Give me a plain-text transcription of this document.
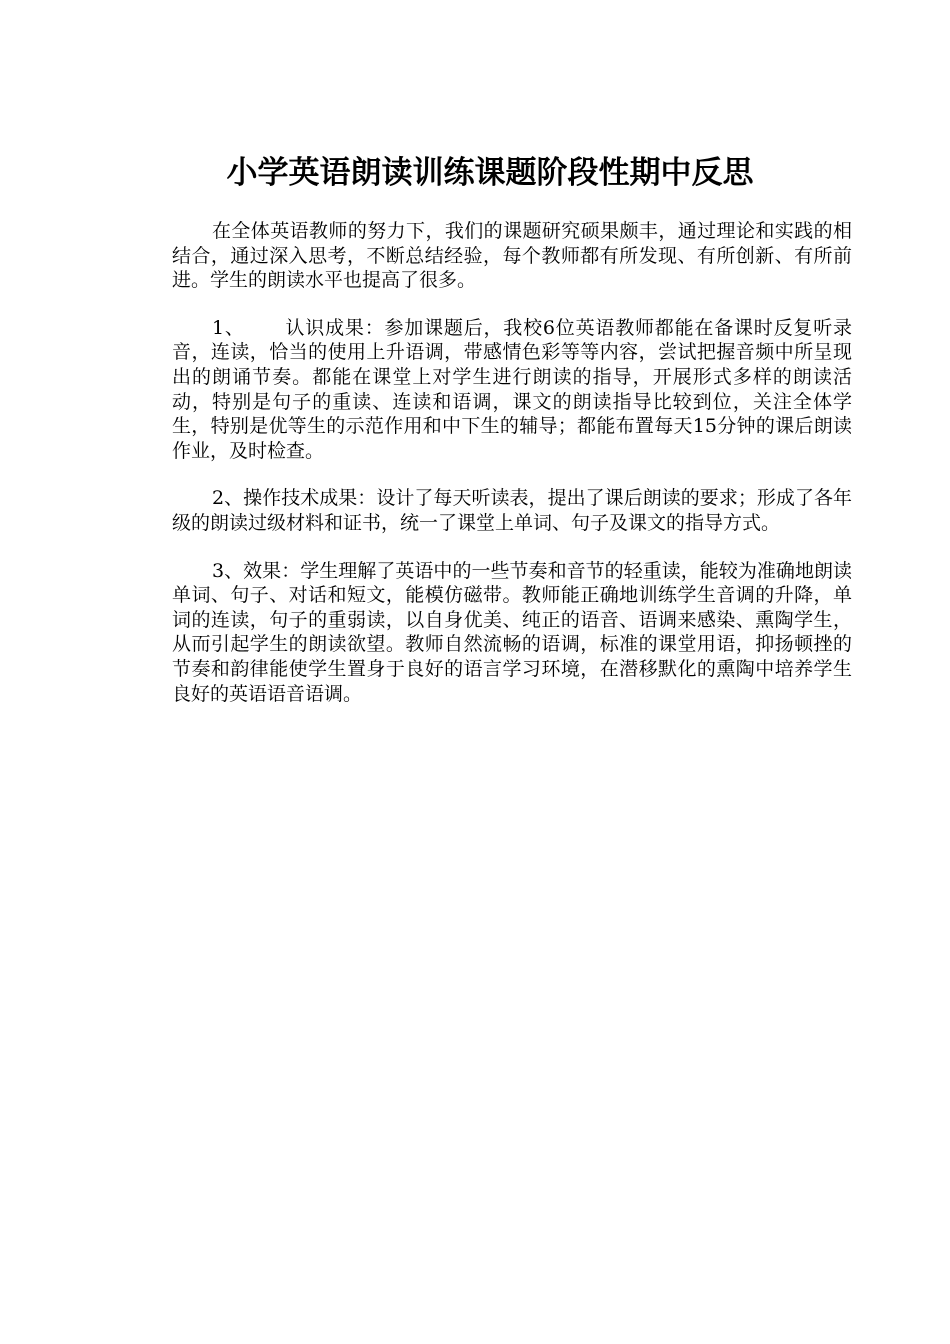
小学英语朗读训练课题阶段性期中反思

在全体英语教师的努力下，我们的课题研究硕果颇丰，通过理论和实践的相结合，通过深入思考，不断总结经验，每个教师都有所发现、有所创新、有所前进。学生的朗读水平也提高了很多。

1、 认识成果：参加课题后，我校6位英语教师都能在备课时反复听录音，连读，恰当的使用上升语调，带感情色彩等等内容，尝试把握音频中所呈现出的朗诵节奏。都能在课堂上对学生进行朗读的指导，开展形式多样的朗读活动，特别是句子的重读、连读和语调，课文的朗读指导比较到位，关注全体学生，特别是优等生的示范作用和中下生的辅导；都能布置每天15分钟的课后朗读作业，及时检查。

2、操作技术成果：设计了每天听读表，提出了课后朗读的要求；形成了各年级的朗读过级材料和证书，统一了课堂上单词、句子及课文的指导方式。

3、效果：学生理解了英语中的一些节奏和音节的轻重读，能较为准确地朗读单词、句子、对话和短文，能模仿磁带。教师能正确地训练学生音调的升降，单词的连读，句子的重弱读，以自身优美、纯正的语音、语调来感染、熏陶学生，从而引起学生的朗读欲望。教师自然流畅的语调，标准的课堂用语，抑扬顿挫的节奏和韵律能使学生置身于良好的语言学习环境，在潜移默化的熏陶中培养学生良好的英语语音语调。
